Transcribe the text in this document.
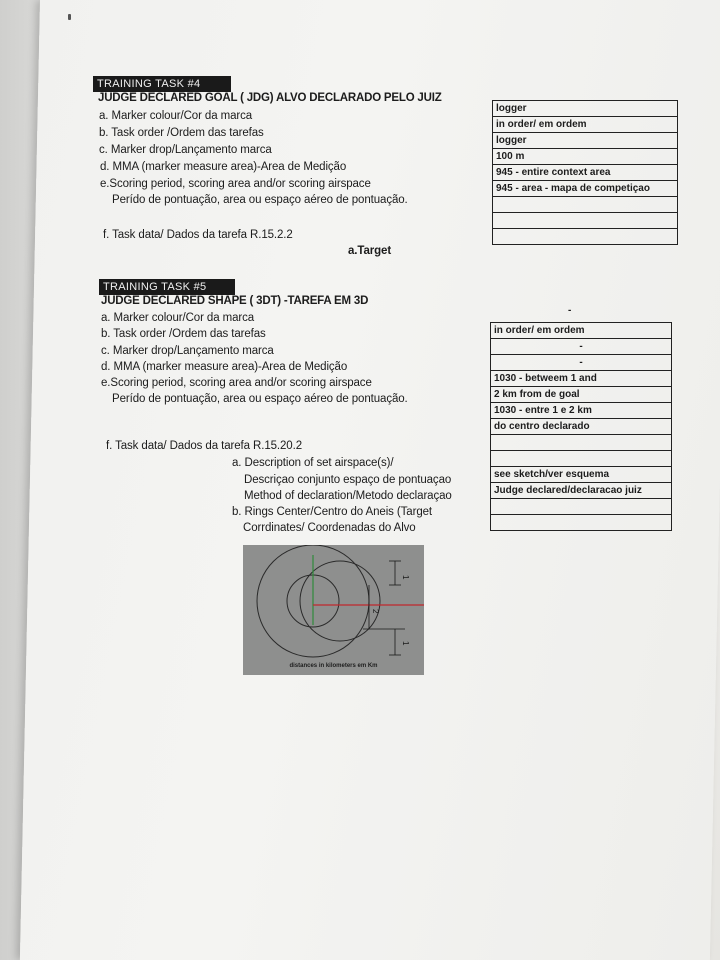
TRAINING TASK #4
JUDGE DECLARED GOAL ( JDG) ALVO DECLARADO PELO JUIZ
a. Marker colour/Cor da marca
b. Task order /Ordem das tarefas
c. Marker drop/Lançamento marca
d. MMA (marker measure area)-Area de Medição
e.Scoring period, scoring area and/or scoring airspace
Perído de pontuação, area ou espaço aéreo de pontuação.
f. Task data/ Dados da tarefa R.15.2.2
a.Target
logger
in order/ em ordem
logger
100 m
945 - entire context area
945 - area - mapa de competiçao

TRAINING TASK #5
JUDGE DECLARED SHAPE ( 3DT) -TAREFA EM 3D
a. Marker colour/Cor da marca
b. Task order /Ordem das tarefas
c. Marker drop/Lançamento marca
d. MMA (marker measure area)-Area de Medição
e.Scoring period, scoring area and/or scoring airspace
Perído de pontuação, area ou espaço aéreo de pontuação.
f. Task data/ Dados da tarefa R.15.20.2
a. Description of set airspace(s)/
Descriçao conjunto espaço de pontuaçao
Method of declaration/Metodo declaraçao
b. Rings Center/Centro do Aneis (Target
Corrdinates/ Coordenadas do Alvo
-
in order/ em ordem
-
-
1030 - betweem 1 and
2 km from de goal
1030 - entre 1 e 2 km
do centro declarado

see sketch/ver esquema
Judge declared/declaracao juiz

1
2
1
distances in kilometers em Km
